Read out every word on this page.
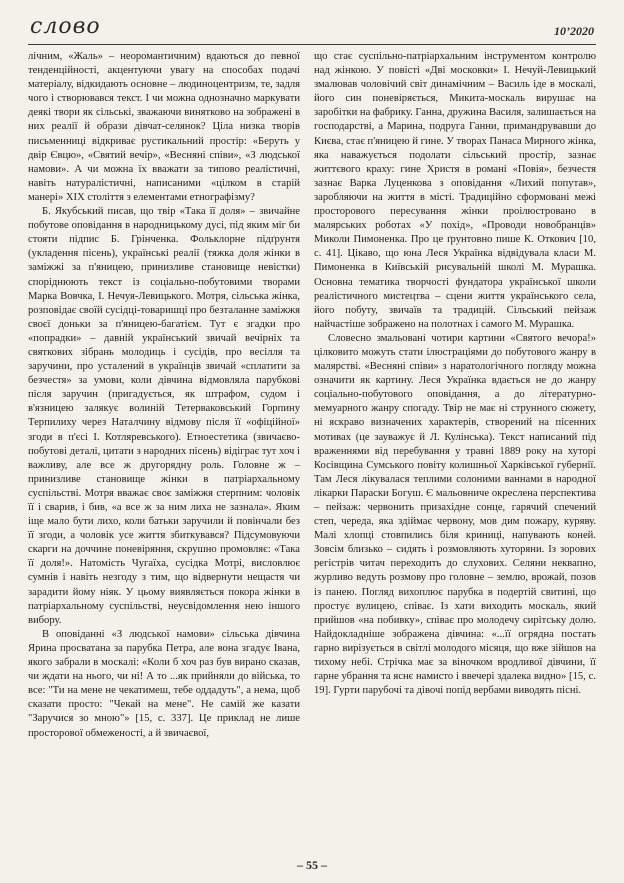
слово	10’2020

лічним, «Жаль» – неоромантичним) вдаються до певної тенденційності, акцентуючи увагу на способах подачі матеріалу, відкидають основне – людиноцентризм, те, задля чого і створювався текст. І чи можна однозначно маркувати деякі твори як сільські, зважаючи винятково на зображені в них реалії й образи дівчат-селянок? Ціла низка творів письменниці відкриває рустикальний простір: «Беруть у двір Євцю», «Святий вечір», «Весняні співи», «З людської намови». А чи можна їх вважати за типово реалістичні, навіть натуралістичні, написаними «цілком в старій манері» XIX століття з елементами етнографізму?

Б. Якубський писав, що твір «Така її доля» – звичайне побутове оповідання в народницькому дусі, під яким міг би стояти підпис Б. Грінченка. Фольклорне підґрунтя (укладення пісень), українські реалії (тяжка доля жінки в заміжжі за п'яницею, принизливе становище невістки) споріднюють текст із соціально-побутовими творами Марка Вовчка, І. Нечуя-Левицького. Мотря, сільська жінка, розповідає своїй сусідці-товаришці про безталанне заміжжя своєї доньки за п'яницею-багатієм. Тут є згадки про «попрадки» – давній український звичай вечірніх та святкових зібрань молодиць і сусідів, про весілля та заручини, про усталений в українців звичай «сплатити за безчестя» за умови, коли дівчина відмовляла парубкові після заручин (пригадується, як штрафом, судом і в'язницею залякує волиній Тетерваковський Горпину Терпилиху через Наталчину відмову після її «офіційної» згоди в п'єсі І. Котляревського). Етноестетика (звичаєво-побутові деталі, цитати з народних пісень) відіграє тут хоч і важливу, але все ж другорядну роль. Головне ж – принизливе становище жінки в патріархальному суспільстві. Мотря вважає своє заміжжя стерпним: чоловік її і сварив, і бив, «а все ж за ним лиха не зазнала». Яким іще мало бути лихо, коли батьки заручили й повінчали без її згоди, а чоловік усе життя збиткувався? Підсумовуючи скарги на доччине поневіряння, скрушно промовляє: «Така її доля!». Натомість Чугаїха, сусідка Мотрі, висловлює сумнів і навіть незгоду з тим, що відвернути нещастя чи зарадити йому ніяк. У цьому виявляється покора жінки в патріархальному суспільстві, неусвідомлення нею іншого вибору.

В оповіданні «З людської намови» сільська дівчина Ярина просватана за парубка Петра, але вона згадує Івана, якого забрали в москалі: «Коли б хоч раз був вирано сказав, чи ждати на нього, чи ні! А то ...як прийняли до війська, то все: "Ти на мене не чекатимеш, тебе оддадуть", а нема, щоб сказати просто: "Чекай на мене". Не самій же казати "Заручися зо мною"» [15, с. 337]. Це приклад не лише просторової обмеженості, а й звичаєвої,

що стає суспільно-патріархальним інструментом контролю над жінкою. У повісті «Дві московки» І. Нечуй-Левицький змалював чоловічий світ динамічним – Василь іде в москалі, його син поневіряється, Микита-москаль вирушає на заробітки на фабрику. Ганна, дружина Василя, залишається на господарстві, а Марина, подруга Ганни, примандрувавши до Києва, стає п'яницею й гине. У творах Панаса Мирного жінка, яка наважується подолати сільський простір, зазнає життєвого краху: гине Христя в романі «Повія», безчестя зазнає Варка Луценкова з оповідання «Лихий попутав», заробляючи на життя в місті. Традиційно сформовані межі просторового пересування жінки проілюстровано в малярських роботах «У похід», «Проводи новобранців» Миколи Пимоненка. Про це ґрунтовно пише К. Откович [10, с. 41]. Цікаво, що юна Леся Українка відвідувала класи М. Пимоненка в Київській рисувальній школі М. Мурашка. Основна тематика творчості фундатора української школи реалістичного мистецтва – сцени життя українського села, його побуту, звичаїв та традицій. Сільський пейзаж найчастіше зображено на полотнах і самого М. Мурашка.

Словесно змальовані чотири картини «Святого вечора!» цілковито можуть стати ілюстраціями до побутового жанру в малярстві. «Весняні співи» з наратологічного погляду можна означити як картину. Леся Українка вдається не до жанру соціально-побутового оповідання, а до літературно-мемуарного жанру спогаду. Твір не має ні струнного сюжету, ні яскраво визначених характерів, створений на пісенних мотивах (це зауважує й Л. Кулінська). Текст написаний під враженнями від перебування у травні 1889 року на хуторі Косівщина Сумського повіту колишньої Харківської губернії. Там Леся лікувалася теплими солоними ваннами в народної лікарки Параски Богуш. Є мальовниче окреслена перспектива – пейзаж: червонить призахідне сонце, гарячий спечений степ, череда, яка здіймає червону, мов дим пожару, куряву. Малі хлопці стовпились біля криниці, напувають коней. Зовсім близько – сидять і розмовляють хуторяни. Із зорових регістрів читач переходить до слухових. Селяни неквапно, журливо ведуть розмову про головне – землю, врожай, позов із панею. Погляд вихоплює парубка в подертій свитині, що простує вулицею, співає. Із хати виходить москаль, який прийшов «на побивку», співає про молодечу сирітську долю. Найдокладніше зображена дівчина: «...її огрядна постать гарно вирізується в світлі молодого місяця, що вже зійшов на тихому небі. Стрічка має за віночком вродливої дівчини, її гарне убрання та яснє намисто і ввечері здалека видно» [15, с. 19]. Гурти парубочі та дівочі попід вербами виводять пісні.

– 55 –
